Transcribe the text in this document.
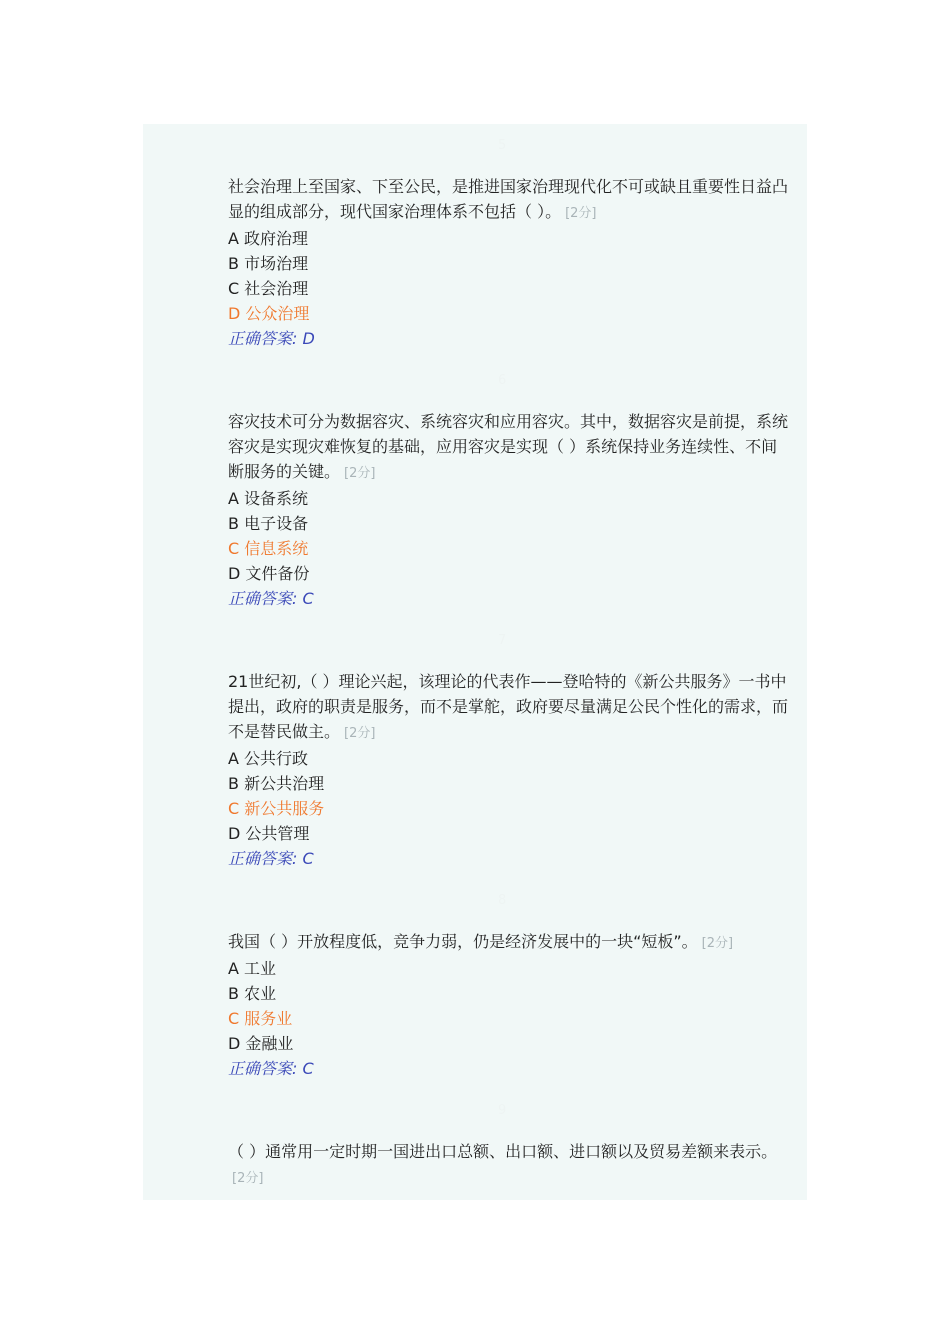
5

社会治理上至国家、下至公民，是推进国家治理现代化不可或缺且重要性日益凸显的组成部分，现代国家治理体系不包括（ ）。 [2分]

A 政府治理

B 市场治理

C 社会治理

D 公众治理

正确答案: D

6

容灾技术可分为数据容灾、系统容灾和应用容灾。其中，数据容灾是前提，系统容灾是实现灾难恢复的基础，应用容灾是实现（ ）系统保持业务连续性、不间断服务的关键。 [2分]

A 设备系统

B 电子设备

C 信息系统

D 文件备份

正确答案: C

7

21世纪初,（ ）理论兴起，该理论的代表作——登哈特的《新公共服务》一书中提出，政府的职责是服务，而不是掌舵，政府要尽量满足公民个性化的需求，而不是替民做主。 [2分]

A 公共行政

B 新公共治理

C 新公共服务

D 公共管理

正确答案: C

8

我国（ ）开放程度低，竞争力弱，仍是经济发展中的一块“短板”。 [2分]

A 工业

B 农业

C 服务业

D 金融业

正确答案: C

9

（ ）通常用一定时期一国进出口总额、出口额、进口额以及贸易差额来表示。[2分]
